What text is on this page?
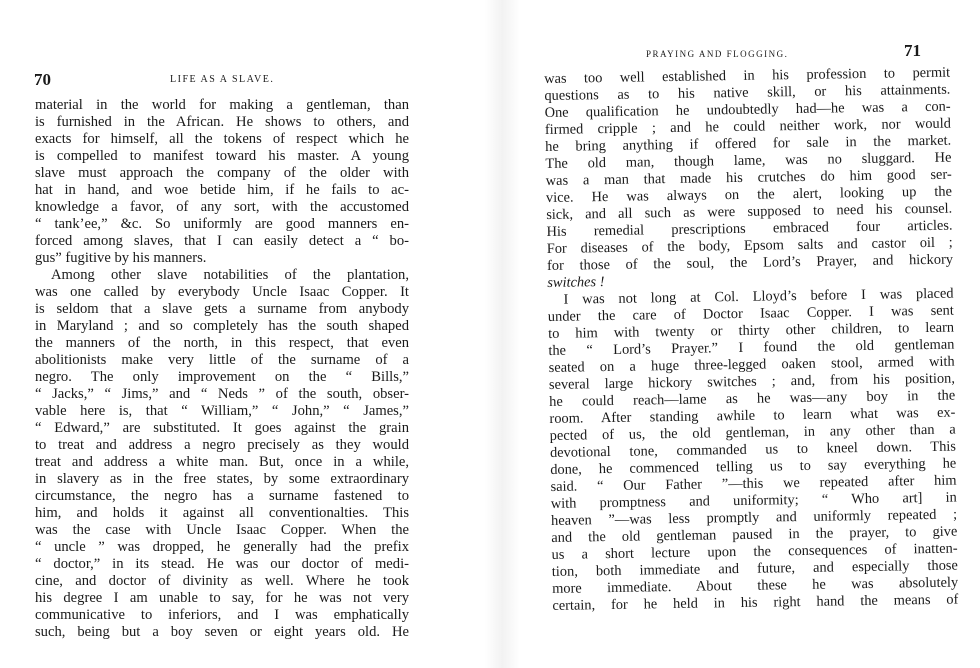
70	LIFE AS A SLAVE.
material in the world for making a gentleman, than
is furnished in the African. He shows to others, and
exacts for himself, all the tokens of respect which he
is compelled to manifest toward his master. A young
slave must approach the company of the older with
hat in hand, and woe betide him, if he fails to ac-
knowledge a favor, of any sort, with the accustomed
“ tank’ee,” &c. So uniformly are good manners en-
forced among slaves, that I can easily detect a “ bo-
gus” fugitive by his manners.
Among other slave notabilities of the plantation,
was one called by everybody Uncle Isaac Copper. It
is seldom that a slave gets a surname from anybody
in Maryland ; and so completely has the south shaped
the manners of the north, in this respect, that even
abolitionists make very little of the surname of a
negro. The only improvement on the “ Bills,”
“ Jacks,” “ Jims,” and “ Neds ” of the south, obser-
vable here is, that “ William,” “ John,” “ James,”
“ Edward,” are substituted. It goes against the grain
to treat and address a negro precisely as they would
treat and address a white man. But, once in a while,
in slavery as in the free states, by some extraordinary
circumstance, the negro has a surname fastened to
him, and holds it against all conventionalties. This
was the case with Uncle Isaac Copper. When the
“ uncle ” was dropped, he generally had the prefix
“ doctor,” in its stead. He was our doctor of medi-
cine, and doctor of divinity as well. Where he took
his degree I am unable to say, for he was not very
communicative to inferiors, and I was emphatically
such, being but a boy seven or eight years old. He
PRAYING AND FLOGGING.	71
was too well established in his profession to permit
questions as to his native skill, or his attainments.
One qualification he undoubtedly had—he was a con-
firmed cripple ; and he could neither work, nor would
he bring anything if offered for sale in the market.
The old man, though lame, was no sluggard. He
was a man that made his crutches do him good ser-
vice. He was always on the alert, looking up the
sick, and all such as were supposed to need his counsel.
His remedial prescriptions embraced four articles.
For diseases of the body, Epsom salts and castor oil ;
for those of the soul, the Lord’s Prayer, and hickory
switches !
I was not long at Col. Lloyd’s before I was placed
under the care of Doctor Isaac Copper. I was sent
to him with twenty or thirty other children, to learn
the “ Lord’s Prayer.” I found the old gentleman
seated on a huge three-legged oaken stool, armed with
several large hickory switches ; and, from his position,
he could reach—lame as he was—any boy in the
room. After standing awhile to learn what was ex-
pected of us, the old gentleman, in any other than a
devotional tone, commanded us to kneel down. This
done, he commenced telling us to say everything he
said. “ Our Father ”—this we repeated after him
with promptness and uniformity; “ Who art] in
heaven ”—was less promptly and uniformly repeated ;
and the old gentleman paused in the prayer, to give
us a short lecture upon the consequences of inatten-
tion, both immediate and future, and especially those
more immediate. About these he was absolutely
certain, for he held in his right hand the means of
